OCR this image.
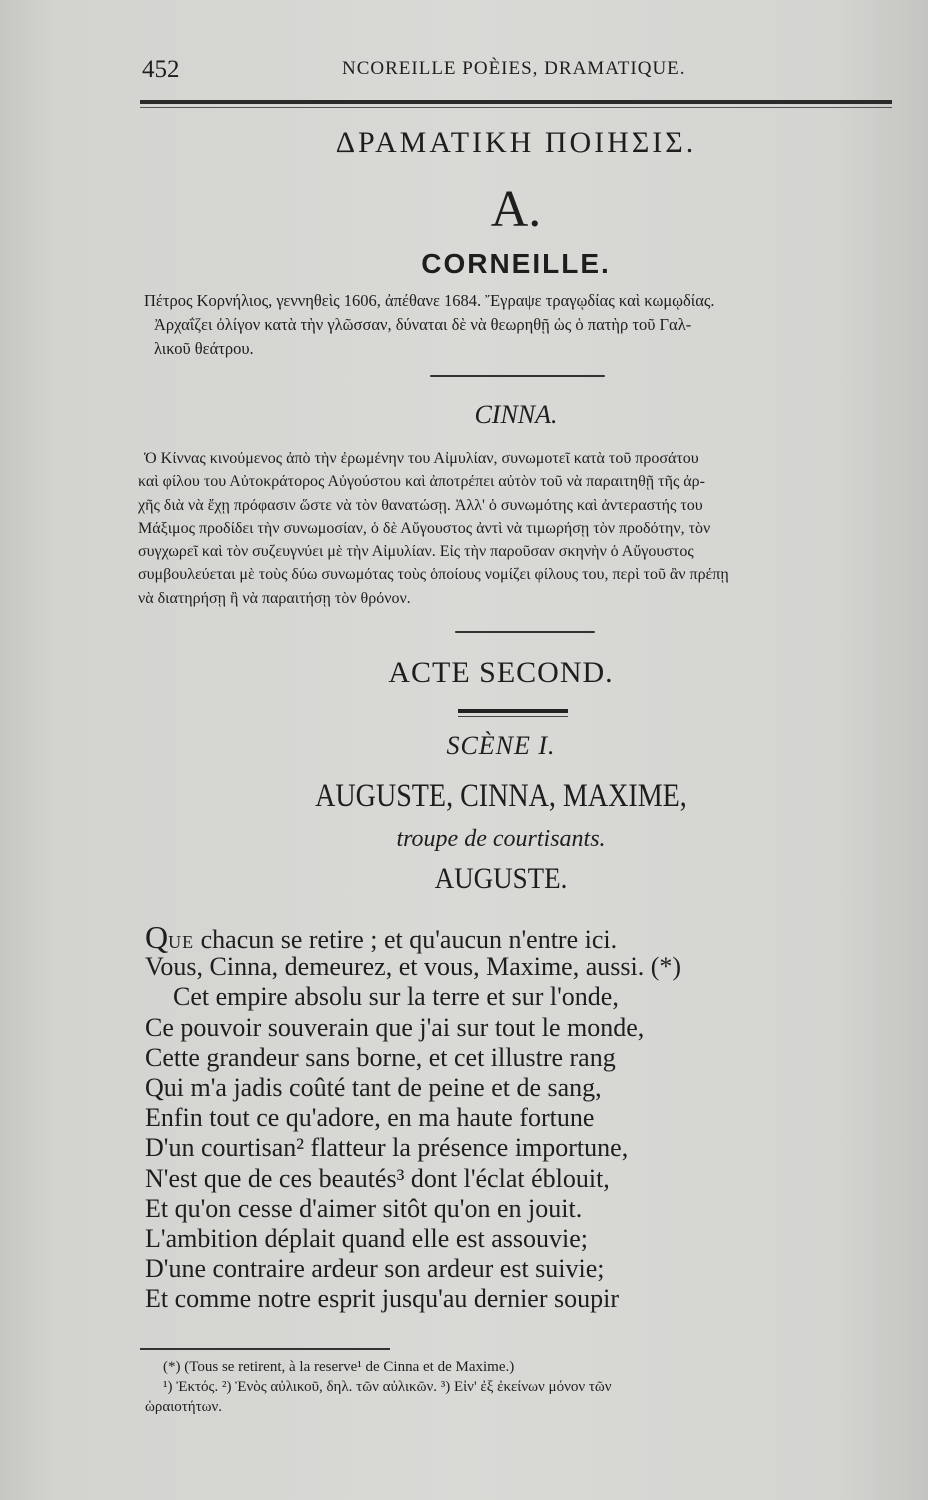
452	NCOREILLE POÈIES, DRAMATIQUE.
ΔΡΑΜΑΤΙΚΗ ΠΟΙΗΣΙΣ.
A.
CORNEILLE.
Πέτρος Κορνήλιος, γεννηθεὶς 1606, ἀπέθανε 1684. Ἔγραψε τραγῳδίας καὶ κωμῳδίας.
Ἀρχαΐζει ὀλίγον κατὰ τὴν γλῶσσαν, δύναται δὲ νὰ θεωρηθῇ ὡς ὁ πατὴρ τοῦ Γαλ-
λικοῦ θεάτρου.
CINNA.
Ὁ Κίννας κινούμενος ἀπὸ τὴν ἐρωμένην του Αἰμυλίαν, συνωμοτεῖ κατὰ τοῦ προσάτου
καὶ φίλου του Αὐτοκράτορος Αὐγούστου καὶ ἀποτρέπει αὐτὸν τοῦ νὰ παραιτηθῇ τῆς ἀρ-
χῆς διὰ νὰ ἔχῃ πρόφασιν ὥστε νὰ τὸν θανατώσῃ. Ἀλλ' ὁ συνωμότης καὶ ἀντεραστής του
Μάξιμος προδίδει τὴν συνωμοσίαν, ὁ δὲ Αὔγουστος ἀντὶ νὰ τιμωρήσῃ τὸν προδότην, τὸν
συγχωρεῖ καὶ τὸν συζευγνύει μὲ τὴν Αἰμυλίαν. Εἰς τὴν παροῦσαν σκηνὴν ὁ Αὔγουστος
συμβουλεύεται μὲ τοὺς δύω συνωμότας τοὺς ὁποίους νομίζει φίλους του, περὶ τοῦ ἂν πρέπῃ
νὰ διατηρήσῃ ἢ νὰ παραιτήσῃ τὸν θρόνον.
ACTE SECOND.
SCÈNE I.
AUGUSTE, CINNA, MAXIME,
troupe de courtisants.
AUGUSTE.
QUE chacun se retire ; et qu'aucun n'entre ici.
Vous, Cinna, demeurez, et vous, Maxime, aussi. (*)
Cet empire absolu sur la terre et sur l'onde,
Ce pouvoir souverain que j'ai sur tout le monde,
Cette grandeur sans borne, et cet illustre rang
Qui m'a jadis coûté tant de peine et de sang,
Enfin tout ce qu'adore, en ma haute fortune
D'un courtisan² flatteur la présence importune,
N'est que de ces beautés³ dont l'éclat éblouit,
Et qu'on cesse d'aimer sitôt qu'on en jouit.
L'ambition déplait quand elle est assouvie;
D'une contraire ardeur son ardeur est suivie;
Et comme notre esprit jusqu'au dernier soupir
(*) (Tous se retirent, à la reserve¹ de Cinna et de Maxime.)
¹) Ἐκτός. ²) Ἑνὸς αὐλικοῦ, δηλ. τῶν αὐλικῶν. ³) Εἰν' ἐξ ἐκείνων μόνον τῶν
ὡραιοτήτων.
